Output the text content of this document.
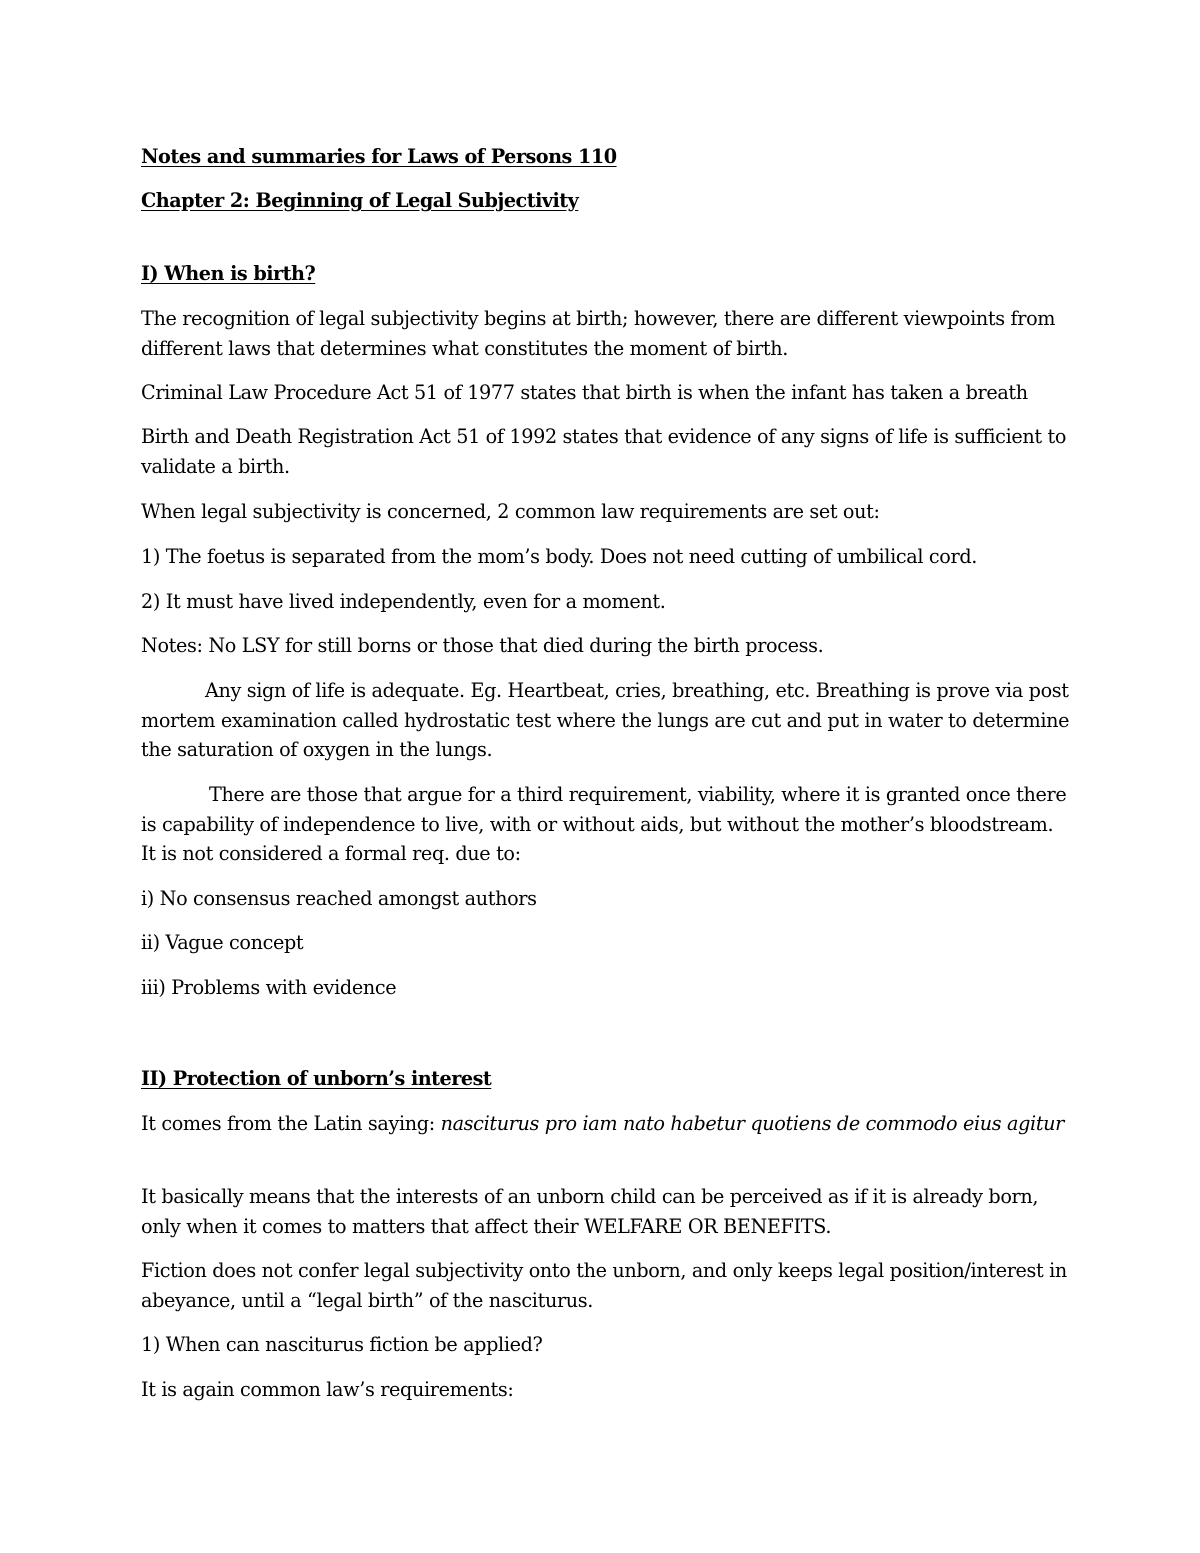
Notes and summaries for Laws of Persons 110
Chapter 2: Beginning of Legal Subjectivity
I) When is birth?
The recognition of legal subjectivity begins at birth; however, there are different viewpoints from different laws that determines what constitutes the moment of birth.
Criminal Law Procedure Act 51 of 1977 states that birth is when the infant has taken a breath
Birth and Death Registration Act 51 of 1992 states that evidence of any signs of life is sufficient to validate a birth.
When legal subjectivity is concerned, 2 common law requirements are set out:
1) The foetus is separated from the mom’s body. Does not need cutting of umbilical cord.
2) It must have lived independently, even for a moment.
Notes: No LSY for still borns or those that died during the birth process.
Any sign of life is adequate. Eg. Heartbeat, cries, breathing, etc. Breathing is prove via post mortem examination called hydrostatic test where the lungs are cut and put in water to determine the saturation of oxygen in the lungs.
There are those that argue for a third requirement, viability, where it is granted once there is capability of independence to live, with or without aids, but without the mother’s bloodstream. It is not considered a formal req. due to:
i) No consensus reached amongst authors
ii) Vague concept
iii) Problems with evidence
II) Protection of unborn’s interest
It comes from the Latin saying: nasciturus pro iam nato habetur quotiens de commodo eius agitur
It basically means that the interests of an unborn child can be perceived as if it is already born, only when it comes to matters that affect their WELFARE OR BENEFITS.
Fiction does not confer legal subjectivity onto the unborn, and only keeps legal position/interest in abeyance, until a “legal birth” of the nasciturus.
1) When can nasciturus fiction be applied?
It is again common law’s requirements:
